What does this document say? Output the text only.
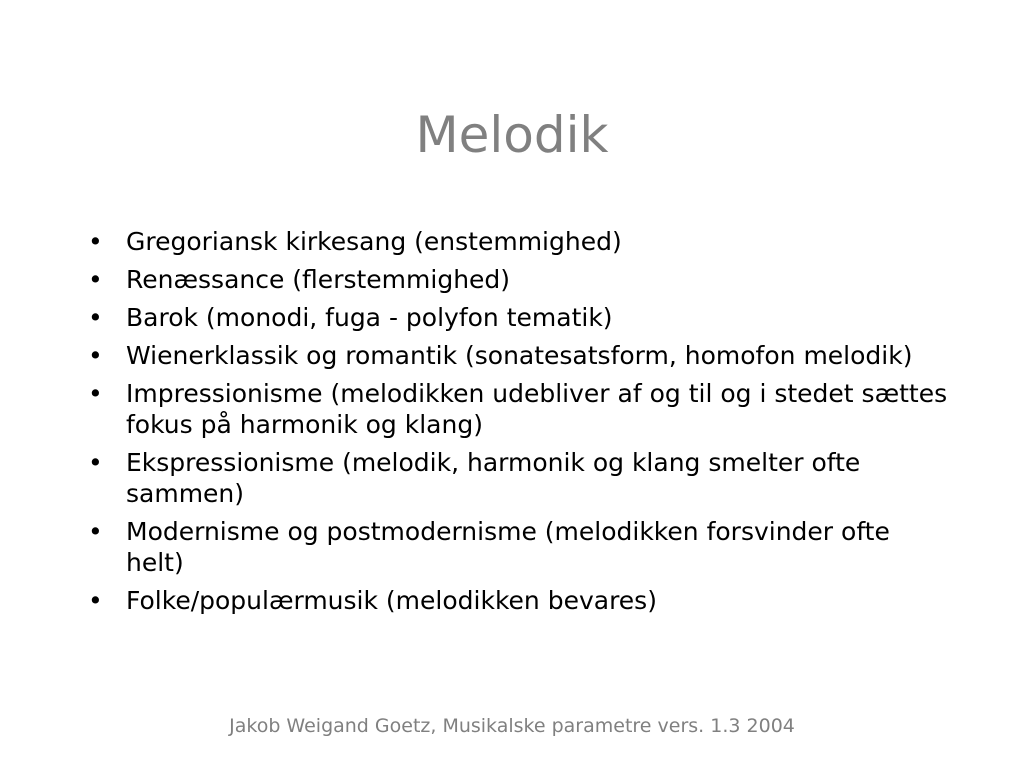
Melodik
• Gregoriansk kirkesang (enstemmighed)
• Renæssance (flerstemmighed)
• Barok (monodi, fuga - polyfon tematik)
• Wienerklassik og romantik (sonatesatsform, homofon melodik)
• Impressionisme (melodikken udebliver af og til og i stedet sættes fokus på harmonik og klang)
• Ekspressionisme (melodik, harmonik og klang smelter ofte sammen)
• Modernisme og postmodernisme (melodikken forsvinder ofte helt)
• Folke/populærmusik (melodikken bevares)
Jakob Weigand Goetz, Musikalske parametre vers. 1.3 2004
